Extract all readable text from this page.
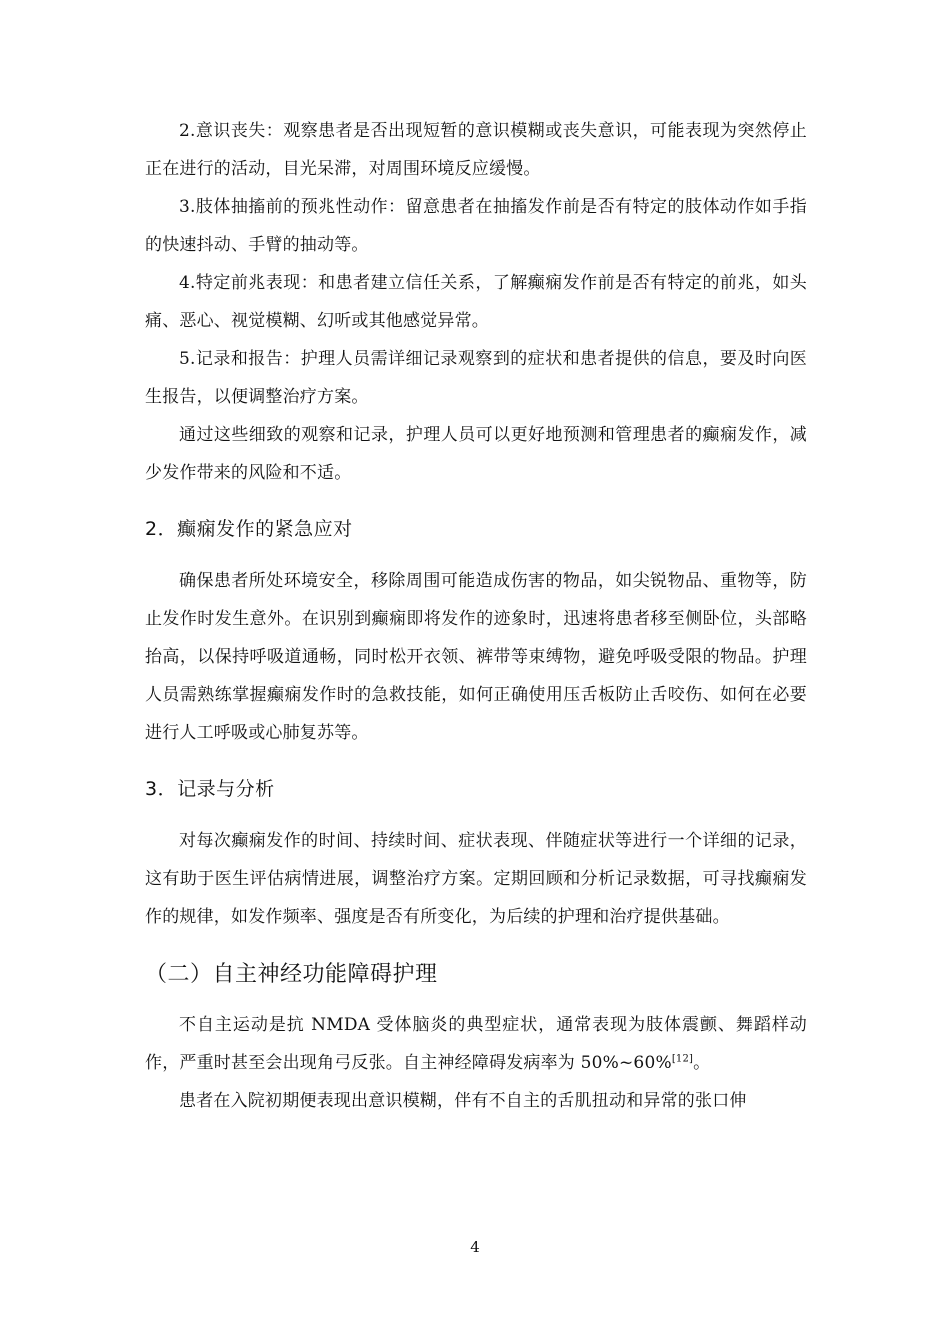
2.意识丧失：观察患者是否出现短暂的意识模糊或丧失意识，可能表现为突然停止正在进行的活动，目光呆滞，对周围环境反应缓慢。

3.肢体抽搐前的预兆性动作：留意患者在抽搐发作前是否有特定的肢体动作如手指的快速抖动、手臂的抽动等。

4.特定前兆表现：和患者建立信任关系，了解癫痫发作前是否有特定的前兆，如头痛、恶心、视觉模糊、幻听或其他感觉异常。

5.记录和报告：护理人员需详细记录观察到的症状和患者提供的信息，要及时向医生报告，以便调整治疗方案。

通过这些细致的观察和记录，护理人员可以更好地预测和管理患者的癫痫发作，减少发作带来的风险和不适。

2．癫痫发作的紧急应对

确保患者所处环境安全，移除周围可能造成伤害的物品，如尖锐物品、重物等，防止发作时发生意外。在识别到癫痫即将发作的迹象时，迅速将患者移至侧卧位，头部略抬高，以保持呼吸道通畅，同时松开衣领、裤带等束缚物，避免呼吸受限的物品。护理人员需熟练掌握癫痫发作时的急救技能，如何正确使用压舌板防止舌咬伤、如何在必要进行人工呼吸或心肺复苏等。

3．记录与分析

对每次癫痫发作的时间、持续时间、症状表现、伴随症状等进行一个详细的记录，这有助于医生评估病情进展，调整治疗方案。定期回顾和分析记录数据，可寻找癫痫发作的规律，如发作频率、强度是否有所变化，为后续的护理和治疗提供基础。

（二）自主神经功能障碍护理

不自主运动是抗 NMDA 受体脑炎的典型症状，通常表现为肢体震颤、舞蹈样动作，严重时甚至会出现角弓反张。自主神经障碍发病率为 50%~60%[12]。

患者在入院初期便表现出意识模糊，伴有不自主的舌肌扭动和异常的张口伸

4
